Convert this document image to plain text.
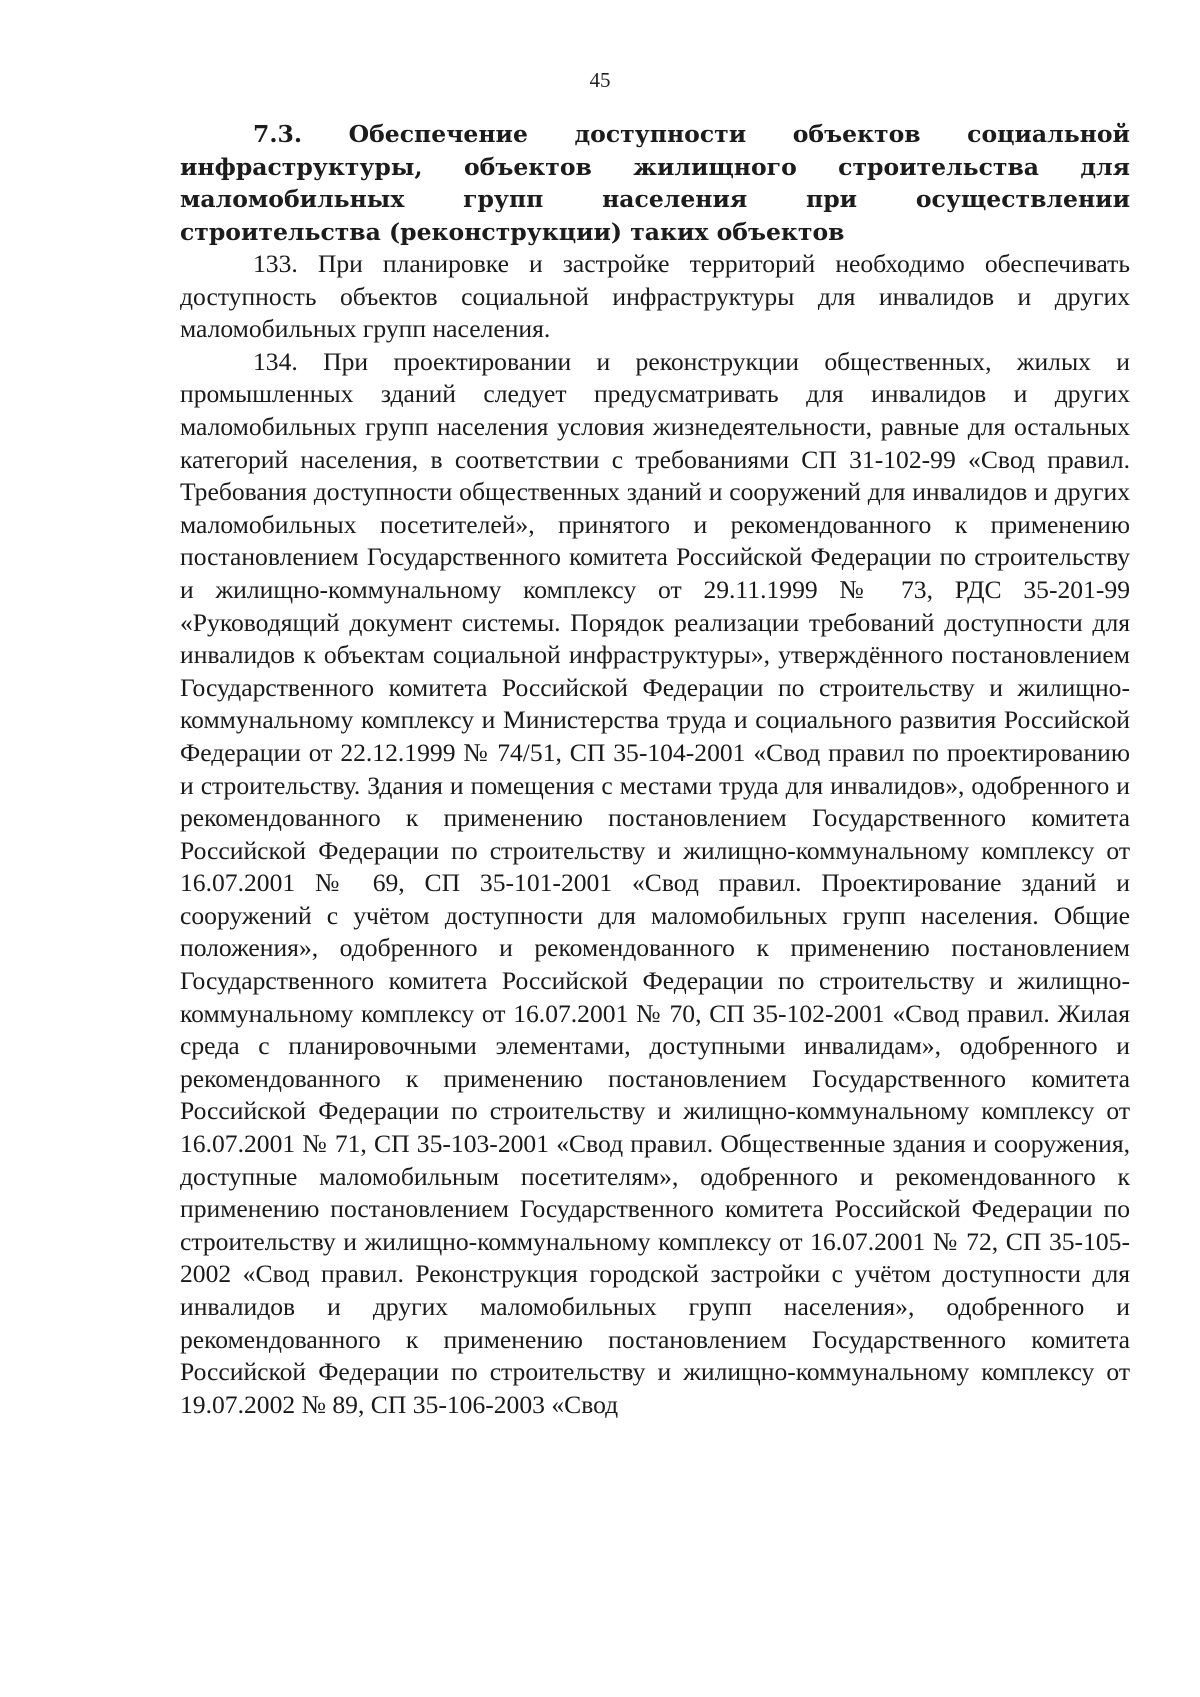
45

7.3. Обеспечение доступности объектов социальной инфраструктуры, объектов жилищного строительства для маломобильных групп населения при осуществлении строительства (реконструкции) таких объектов

133. При планировке и застройке территорий необходимо обеспечивать доступность объектов социальной инфраструктуры для инвалидов и других маломобильных групп населения.

134. При проектировании и реконструкции общественных, жилых и промышленных зданий следует предусматривать для инвалидов и других маломобильных групп населения условия жизнедеятельности, равные для остальных категорий населения, в соответствии с требованиями СП 31-102-99 «Свод правил. Требования доступности общественных зданий и сооружений для инвалидов и других маломобильных посетителей», принятого и рекомендованного к применению постановлением Государственного комитета Российской Федерации по строительству и жилищно-коммунальному комплексу от 29.11.1999 № 73, РДС 35-201-99 «Руководящий документ системы. Порядок реализации требований доступности для инвалидов к объектам социальной инфраструктуры», утверждённого постановлением Государственного комитета Российской Федерации по строительству и жилищно-коммунальному комплексу и Министерства труда и социального развития Российской Федерации от 22.12.1999 № 74/51, СП 35-104-2001 «Свод правил по проектированию и строительству. Здания и помещения с местами труда для инвалидов», одобренного и рекомендованного к применению постановлением Государственного комитета Российской Федерации по строительству и жилищно-коммунальному комплексу от 16.07.2001 № 69, СП 35-101-2001 «Свод правил. Проектирование зданий и сооружений с учётом доступности для маломобильных групп населения. Общие положения», одобренного и рекомендованного к применению постановлением Государственного комитета Российской Федерации по строительству и жилищно-коммунальному комплексу от 16.07.2001 № 70, СП 35-102-2001 «Свод правил. Жилая среда с планировочными элементами, доступными инвалидам», одобренного и рекомендованного к применению постановлением Государственного комитета Российской Федерации по строительству и жилищно-коммунальному комплексу от 16.07.2001 № 71, СП 35-103-2001 «Свод правил. Общественные здания и сооружения, доступные маломобильным посетителям», одобренного и рекомендованного к применению постановлением Государственного комитета Российской Федерации по строительству и жилищно-коммунальному комплексу от 16.07.2001 № 72, СП 35-105-2002 «Свод правил. Реконструкция городской застройки с учётом доступности для инвалидов и других маломобильных групп населения», одобренного и рекомендованного к применению постановлением Государственного комитета Российской Федерации по строительству и жилищно-коммунальному комплексу от 19.07.2002 № 89, СП 35-106-2003 «Свод
